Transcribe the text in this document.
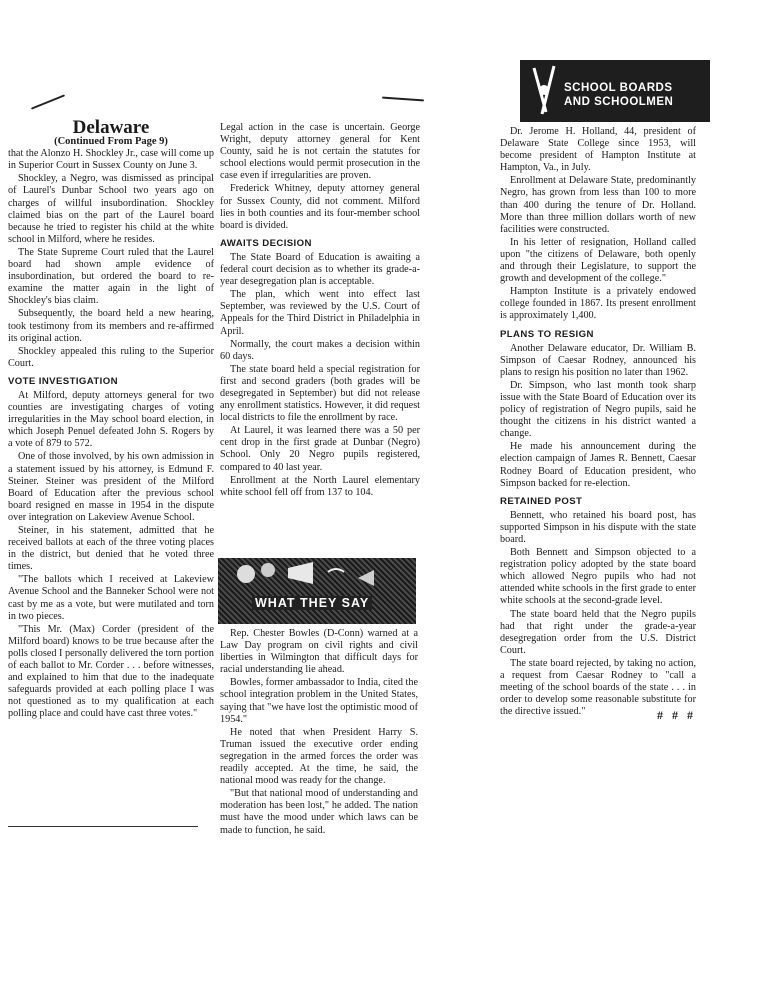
Delaware
(Continued From Page 9)

that the Alonzo H. Shockley Jr., case will come up in Superior Court in Sussex County on June 3.

Shockley, a Negro, was dismissed as principal of Laurel's Dunbar School two years ago on charges of willful insubordination. Shockley claimed bias on the part of the Laurel board because he tried to register his child at the white school in Milford, where he resides.

The State Supreme Court ruled that the Laurel board had shown ample evidence of insubordination, but ordered the board to re-examine the matter again in the light of Shockley's bias claim.

Subsequently, the board held a new hearing, took testimony from its members and re-affirmed its original action.

Shockley appealed this ruling to the Superior Court.

VOTE INVESTIGATION

At Milford, deputy attorneys general for two counties are investigating charges of voting irregularities in the May school board election, in which Joseph Penuel defeated John S. Rogers by a vote of 879 to 572.

One of those involved, by his own admission in a statement issued by his attorney, is Edmund F. Steiner. Steiner was president of the Milford Board of Education after the previous school board resigned en masse in 1954 in the dispute over integration on Lakeview Avenue School.

Steiner, in his statement, admitted that he received ballots at each of the three voting places in the district, but denied that he voted three times.

"The ballots which I received at Lakeview Avenue School and the Banneker School were not cast by me as a vote, but were mutilated and torn in two pieces.

"This Mr. (Max) Corder (president of the Milford board) knows to be true because after the polls closed I personally delivered the torn portion of each ballot to Mr. Corder . . . before witnesses, and explained to him that due to the inadequate safeguards provided at each polling place I was not questioned as to my qualification at each polling place and could have cast three votes."

Legal action in the case is uncertain. George Wright, deputy attorney general for Kent County, said he is not certain the statutes for school elections would permit prosecution in the case even if irregularities are proven.

Frederick Whitney, deputy attorney general for Sussex County, did not comment. Milford lies in both counties and its four-member school board is divided.

AWAITS DECISION

The State Board of Education is awaiting a federal court decision as to whether its grade-a-year desegregation plan is acceptable.

The plan, which went into effect last September, was reviewed by the U.S. Court of Appeals for the Third District in Philadelphia in April.

Normally, the court makes a decision within 60 days.

The state board held a special registration for first and second graders (both grades will be desegregated in September) but did not release any enrollment statistics. However, it did request local districts to file the enrollment by race.

At Laurel, it was learned there was a 50 per cent drop in the first grade at Dunbar (Negro) School. Only 20 Negro pupils registered, compared to 40 last year.

Enrollment at the North Laurel elementary white school fell off from 137 to 104.

WHAT THEY SAY

Rep. Chester Bowles (D-Conn) warned at a Law Day program on civil rights and civil liberties in Wilmington that difficult days for racial understanding lie ahead.

Bowles, former ambassador to India, cited the school integration problem in the United States, saying that "we have lost the optimistic mood of 1954."

He noted that when President Harry S. Truman issued the executive order ending segregation in the armed forces the order was readily accepted. At the time, he said, the national mood was ready for the change.

"But that national mood of understanding and moderation has been lost," he added. The nation must have the mood under which laws can be made to function, he said.

SCHOOL BOARDS
AND SCHOOLMEN

Dr. Jerome H. Holland, 44, president of Delaware State College since 1953, will become president of Hampton Institute at Hampton, Va., in July.

Enrollment at Delaware State, predominantly Negro, has grown from less than 100 to more than 400 during the tenure of Dr. Holland. More than three million dollars worth of new facilities were constructed.

In his letter of resignation, Holland called upon "the citizens of Delaware, both openly and through their Legislature, to support the growth and development of the college."

Hampton Institute is a privately endowed college founded in 1867. Its present enrollment is approximately 1,400.

PLANS TO RESIGN

Another Delaware educator, Dr. William B. Simpson of Caesar Rodney, announced his plans to resign his position no later than 1962.

Dr. Simpson, who last month took sharp issue with the State Board of Education over its policy of registration of Negro pupils, said he thought the citizens in his district wanted a change.

He made his announcement during the election campaign of James R. Bennett, Caesar Rodney Board of Education president, who Simpson backed for re-election.

RETAINED POST

Bennett, who retained his board post, has supported Simpson in his dispute with the state board.

Both Bennett and Simpson objected to a registration policy adopted by the state board which allowed Negro pupils who had not attended white schools in the first grade to enter white schools at the second-grade level.

The state board held that the Negro pupils had that right under the grade-a-year desegregation order from the U.S. District Court.

The state board rejected, by taking no action, a request from Caesar Rodney to "call a meeting of the school boards of the state . . . in order to develop some reasonable substitute for the directive issued."	# # #
